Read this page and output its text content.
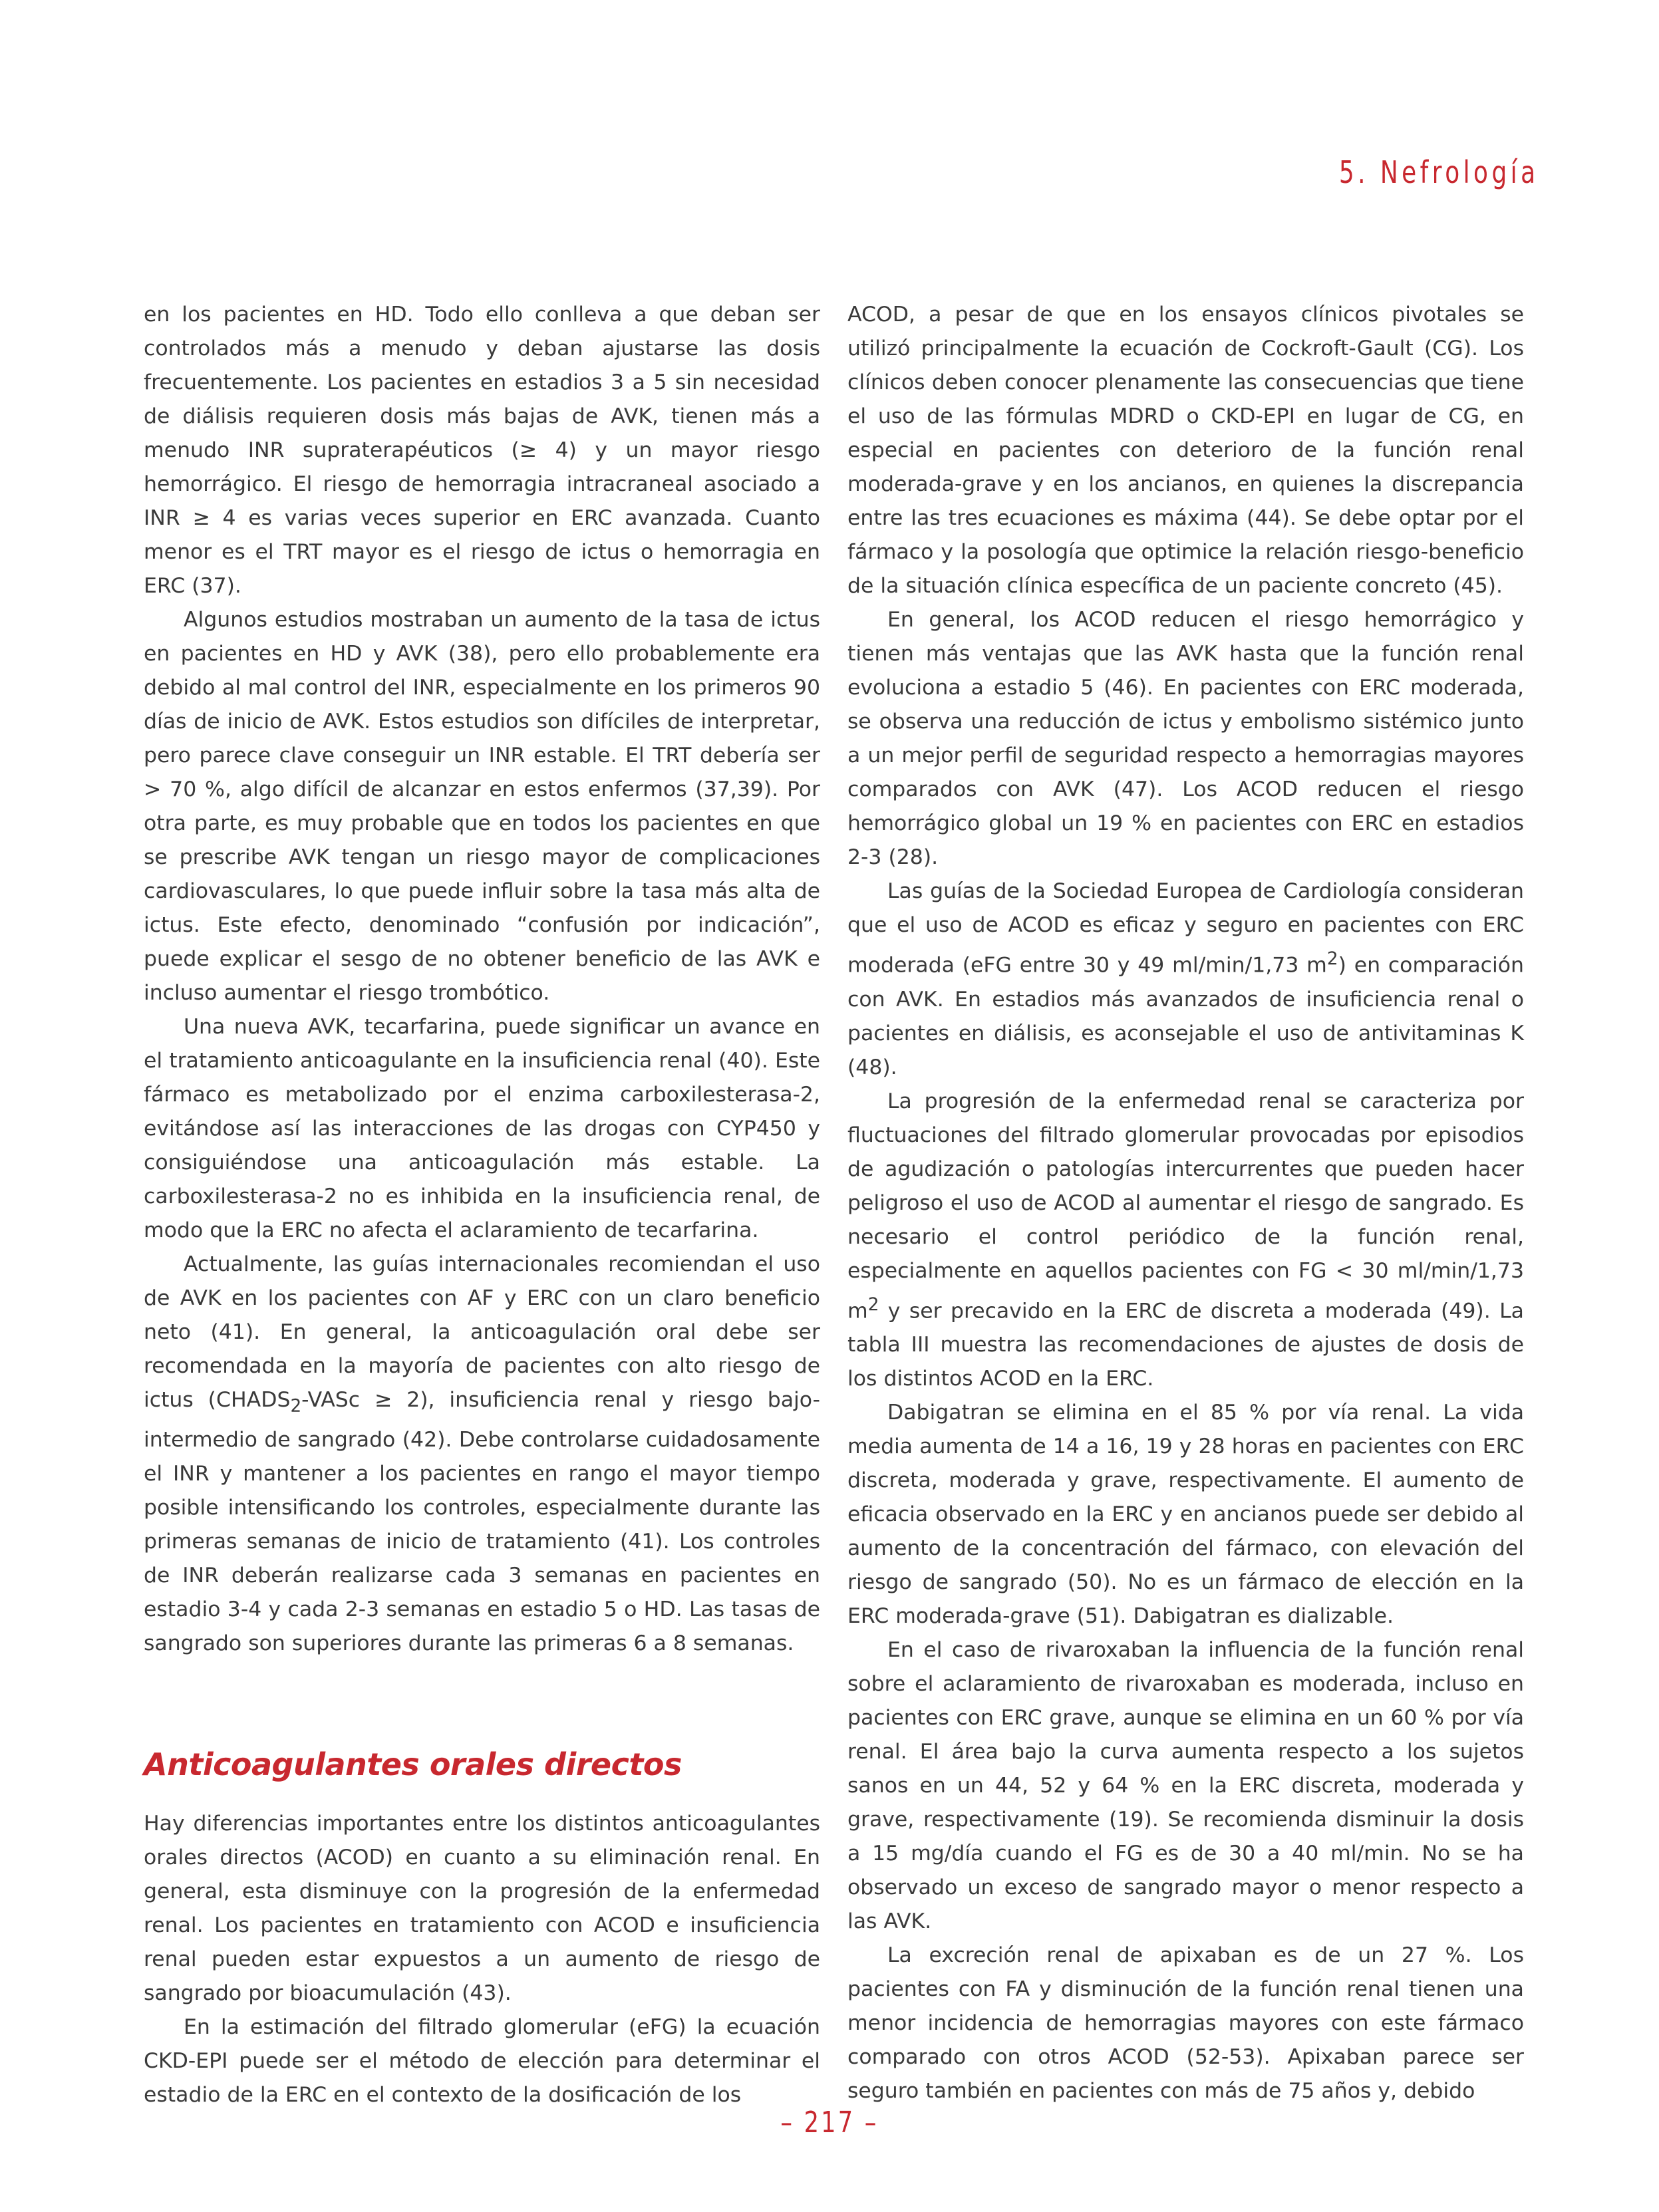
5. Nefrología

en los pacientes en HD. Todo ello conlleva a que deban ser controlados más a menudo y deban ajustarse las dosis frecuentemente. Los pacientes en estadios 3 a 5 sin necesidad de diálisis requieren dosis más bajas de AVK, tienen más a menudo INR supraterapéuticos (≥ 4) y un mayor riesgo hemorrágico. El riesgo de hemorragia intracraneal asociado a INR ≥ 4 es varias veces superior en ERC avanzada. Cuanto menor es el TRT mayor es el riesgo de ictus o hemorragia en ERC (37).

Algunos estudios mostraban un aumento de la tasa de ictus en pacientes en HD y AVK (38), pero ello probablemente era debido al mal control del INR, especialmente en los primeros 90 días de inicio de AVK. Estos estudios son difíciles de interpretar, pero parece clave conseguir un INR estable. El TRT debería ser > 70 %, algo difícil de alcanzar en estos enfermos (37,39). Por otra parte, es muy probable que en todos los pacientes en que se prescribe AVK tengan un riesgo mayor de complicaciones cardiovasculares, lo que puede influir sobre la tasa más alta de ictus. Este efecto, denominado “confusión por indicación”, puede explicar el sesgo de no obtener beneficio de las AVK e incluso aumentar el riesgo trombótico.

Una nueva AVK, tecarfarina, puede significar un avance en el tratamiento anticoagulante en la insuficiencia renal (40). Este fármaco es metabolizado por el enzima carboxilesterasa-2, evitándose así las interacciones de las drogas con CYP450 y consiguiéndose una anticoagulación más estable. La carboxilesterasa-2 no es inhibida en la insuficiencia renal, de modo que la ERC no afecta el aclaramiento de tecarfarina.

Actualmente, las guías internacionales recomiendan el uso de AVK en los pacientes con AF y ERC con un claro beneficio neto (41). En general, la anticoagulación oral debe ser recomendada en la mayoría de pacientes con alto riesgo de ictus ($CHADS_2$-VASc ≥ 2), insuficiencia renal y riesgo bajo-intermedio de sangrado (42). Debe controlarse cuidadosamente el INR y mantener a los pacientes en rango el mayor tiempo posible intensificando los controles, especialmente durante las primeras semanas de inicio de tratamiento (41). Los controles de INR deberán realizarse cada 3 semanas en pacientes en estadio 3-4 y cada 2-3 semanas en estadio 5 o HD. Las tasas de sangrado son superiores durante las primeras 6 a 8 semanas.

Anticoagulantes orales directos

Hay diferencias importantes entre los distintos anticoagulantes orales directos (ACOD) en cuanto a su eliminación renal. En general, esta disminuye con la progresión de la enfermedad renal. Los pacientes en tratamiento con ACOD e insuficiencia renal pueden estar expuestos a un aumento de riesgo de sangrado por bioacumulación (43).

En la estimación del filtrado glomerular (eFG) la ecuación CKD-EPI puede ser el método de elección para determinar el estadio de la ERC en el contexto de la dosificación de los

ACOD, a pesar de que en los ensayos clínicos pivotales se utilizó principalmente la ecuación de Cockroft-Gault (CG). Los clínicos deben conocer plenamente las consecuencias que tiene el uso de las fórmulas MDRD o CKD-EPI en lugar de CG, en especial en pacientes con deterioro de la función renal moderada-grave y en los ancianos, en quienes la discrepancia entre las tres ecuaciones es máxima (44). Se debe optar por el fármaco y la posología que optimice la relación riesgo-beneficio de la situación clínica específica de un paciente concreto (45).

En general, los ACOD reducen el riesgo hemorrágico y tienen más ventajas que las AVK hasta que la función renal evoluciona a estadio 5 (46). En pacientes con ERC moderada, se observa una reducción de ictus y embolismo sistémico junto a un mejor perfil de seguridad respecto a hemorragias mayores comparados con AVK (47). Los ACOD reducen el riesgo hemorrágico global un 19 % en pacientes con ERC en estadios 2-3 (28).

Las guías de la Sociedad Europea de Cardiología consideran que el uso de ACOD es eficaz y seguro en pacientes con ERC moderada (eFG entre 30 y 49 ml/min/1,73 $m^2$) en comparación con AVK. En estadios más avanzados de insuficiencia renal o pacientes en diálisis, es aconsejable el uso de antivitaminas K (48).

La progresión de la enfermedad renal se caracteriza por fluctuaciones del filtrado glomerular provocadas por episodios de agudización o patologías intercurrentes que pueden hacer peligroso el uso de ACOD al aumentar el riesgo de sangrado. Es necesario el control periódico de la función renal, especialmente en aquellos pacientes con FG < 30 ml/min/1,73 $m^2$ y ser precavido en la ERC de discreta a moderada (49). La tabla III muestra las recomendaciones de ajustes de dosis de los distintos ACOD en la ERC.

Dabigatran se elimina en el 85 % por vía renal. La vida media aumenta de 14 a 16, 19 y 28 horas en pacientes con ERC discreta, moderada y grave, respectivamente. El aumento de eficacia observado en la ERC y en ancianos puede ser debido al aumento de la concentración del fármaco, con elevación del riesgo de sangrado (50). No es un fármaco de elección en la ERC moderada-grave (51). Dabigatran es dializable.

En el caso de rivaroxaban la influencia de la función renal sobre el aclaramiento de rivaroxaban es moderada, incluso en pacientes con ERC grave, aunque se elimina en un 60 % por vía renal. El área bajo la curva aumenta respecto a los sujetos sanos en un 44, 52 y 64 % en la ERC discreta, moderada y grave, respectivamente (19). Se recomienda disminuir la dosis a 15 mg/día cuando el FG es de 30 a 40 ml/min. No se ha observado un exceso de sangrado mayor o menor respecto a las AVK.

La excreción renal de apixaban es de un 27 %. Los pacientes con FA y disminución de la función renal tienen una menor incidencia de hemorragias mayores con este fármaco comparado con otros ACOD (52-53). Apixaban parece ser seguro también en pacientes con más de 75 años y, debido

– 217 –
